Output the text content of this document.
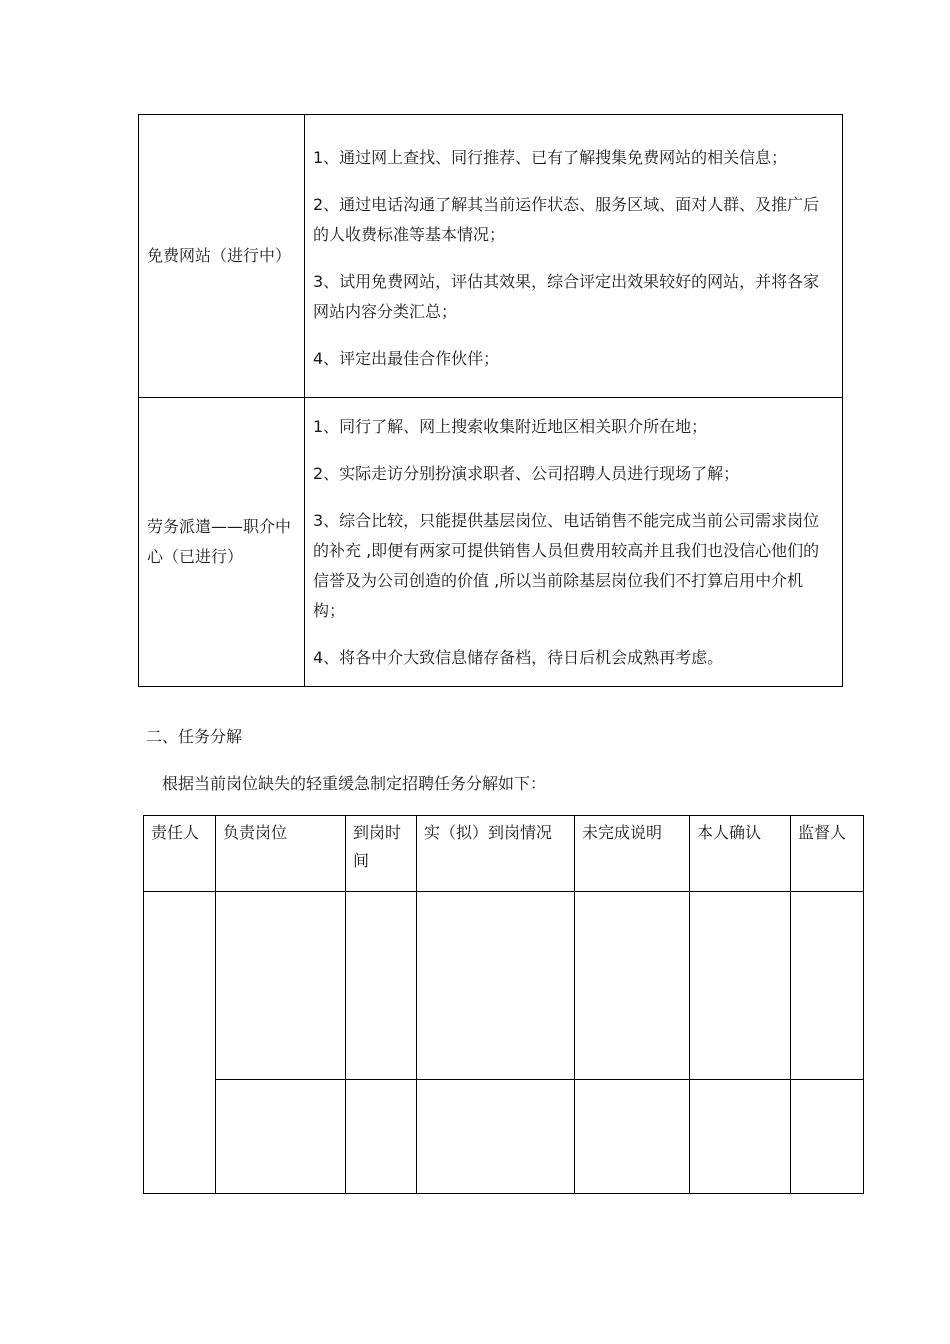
免费网站（进行中）	1、通过网上查找、同行推荐、已有了解搜集免费网站的相关信息；

2、通过电话沟通了解其当前运作状态、服务区域、面对人群、及推广后的人收费标准等基本情况；

3、试用免费网站，评估其效果，综合评定出效果较好的网站，并将各家网站内容分类汇总；

4、评定出最佳合作伙伴；

劳务派遣——职介中心（已进行）	1、同行了解、网上搜索收集附近地区相关职介所在地；

2、实际走访分别扮演求职者、公司招聘人员进行现场了解；

3、综合比较，只能提供基层岗位、电话销售不能完成当前公司需求岗位的补充 ,即便有两家可提供销售人员但费用较高并且我们也没信心他们的信誉及为公司创造的价值 ,所以当前除基层岗位我们不打算启用中介机构；

4、将各中介大致信息储存备档，待日后机会成熟再考虑。

二、任务分解

根据当前岗位缺失的轻重缓急制定招聘任务分解如下：

责任人	负责岗位	到岗时间	实（拟）到岗情况	未完成说明	本人确认	监督人
